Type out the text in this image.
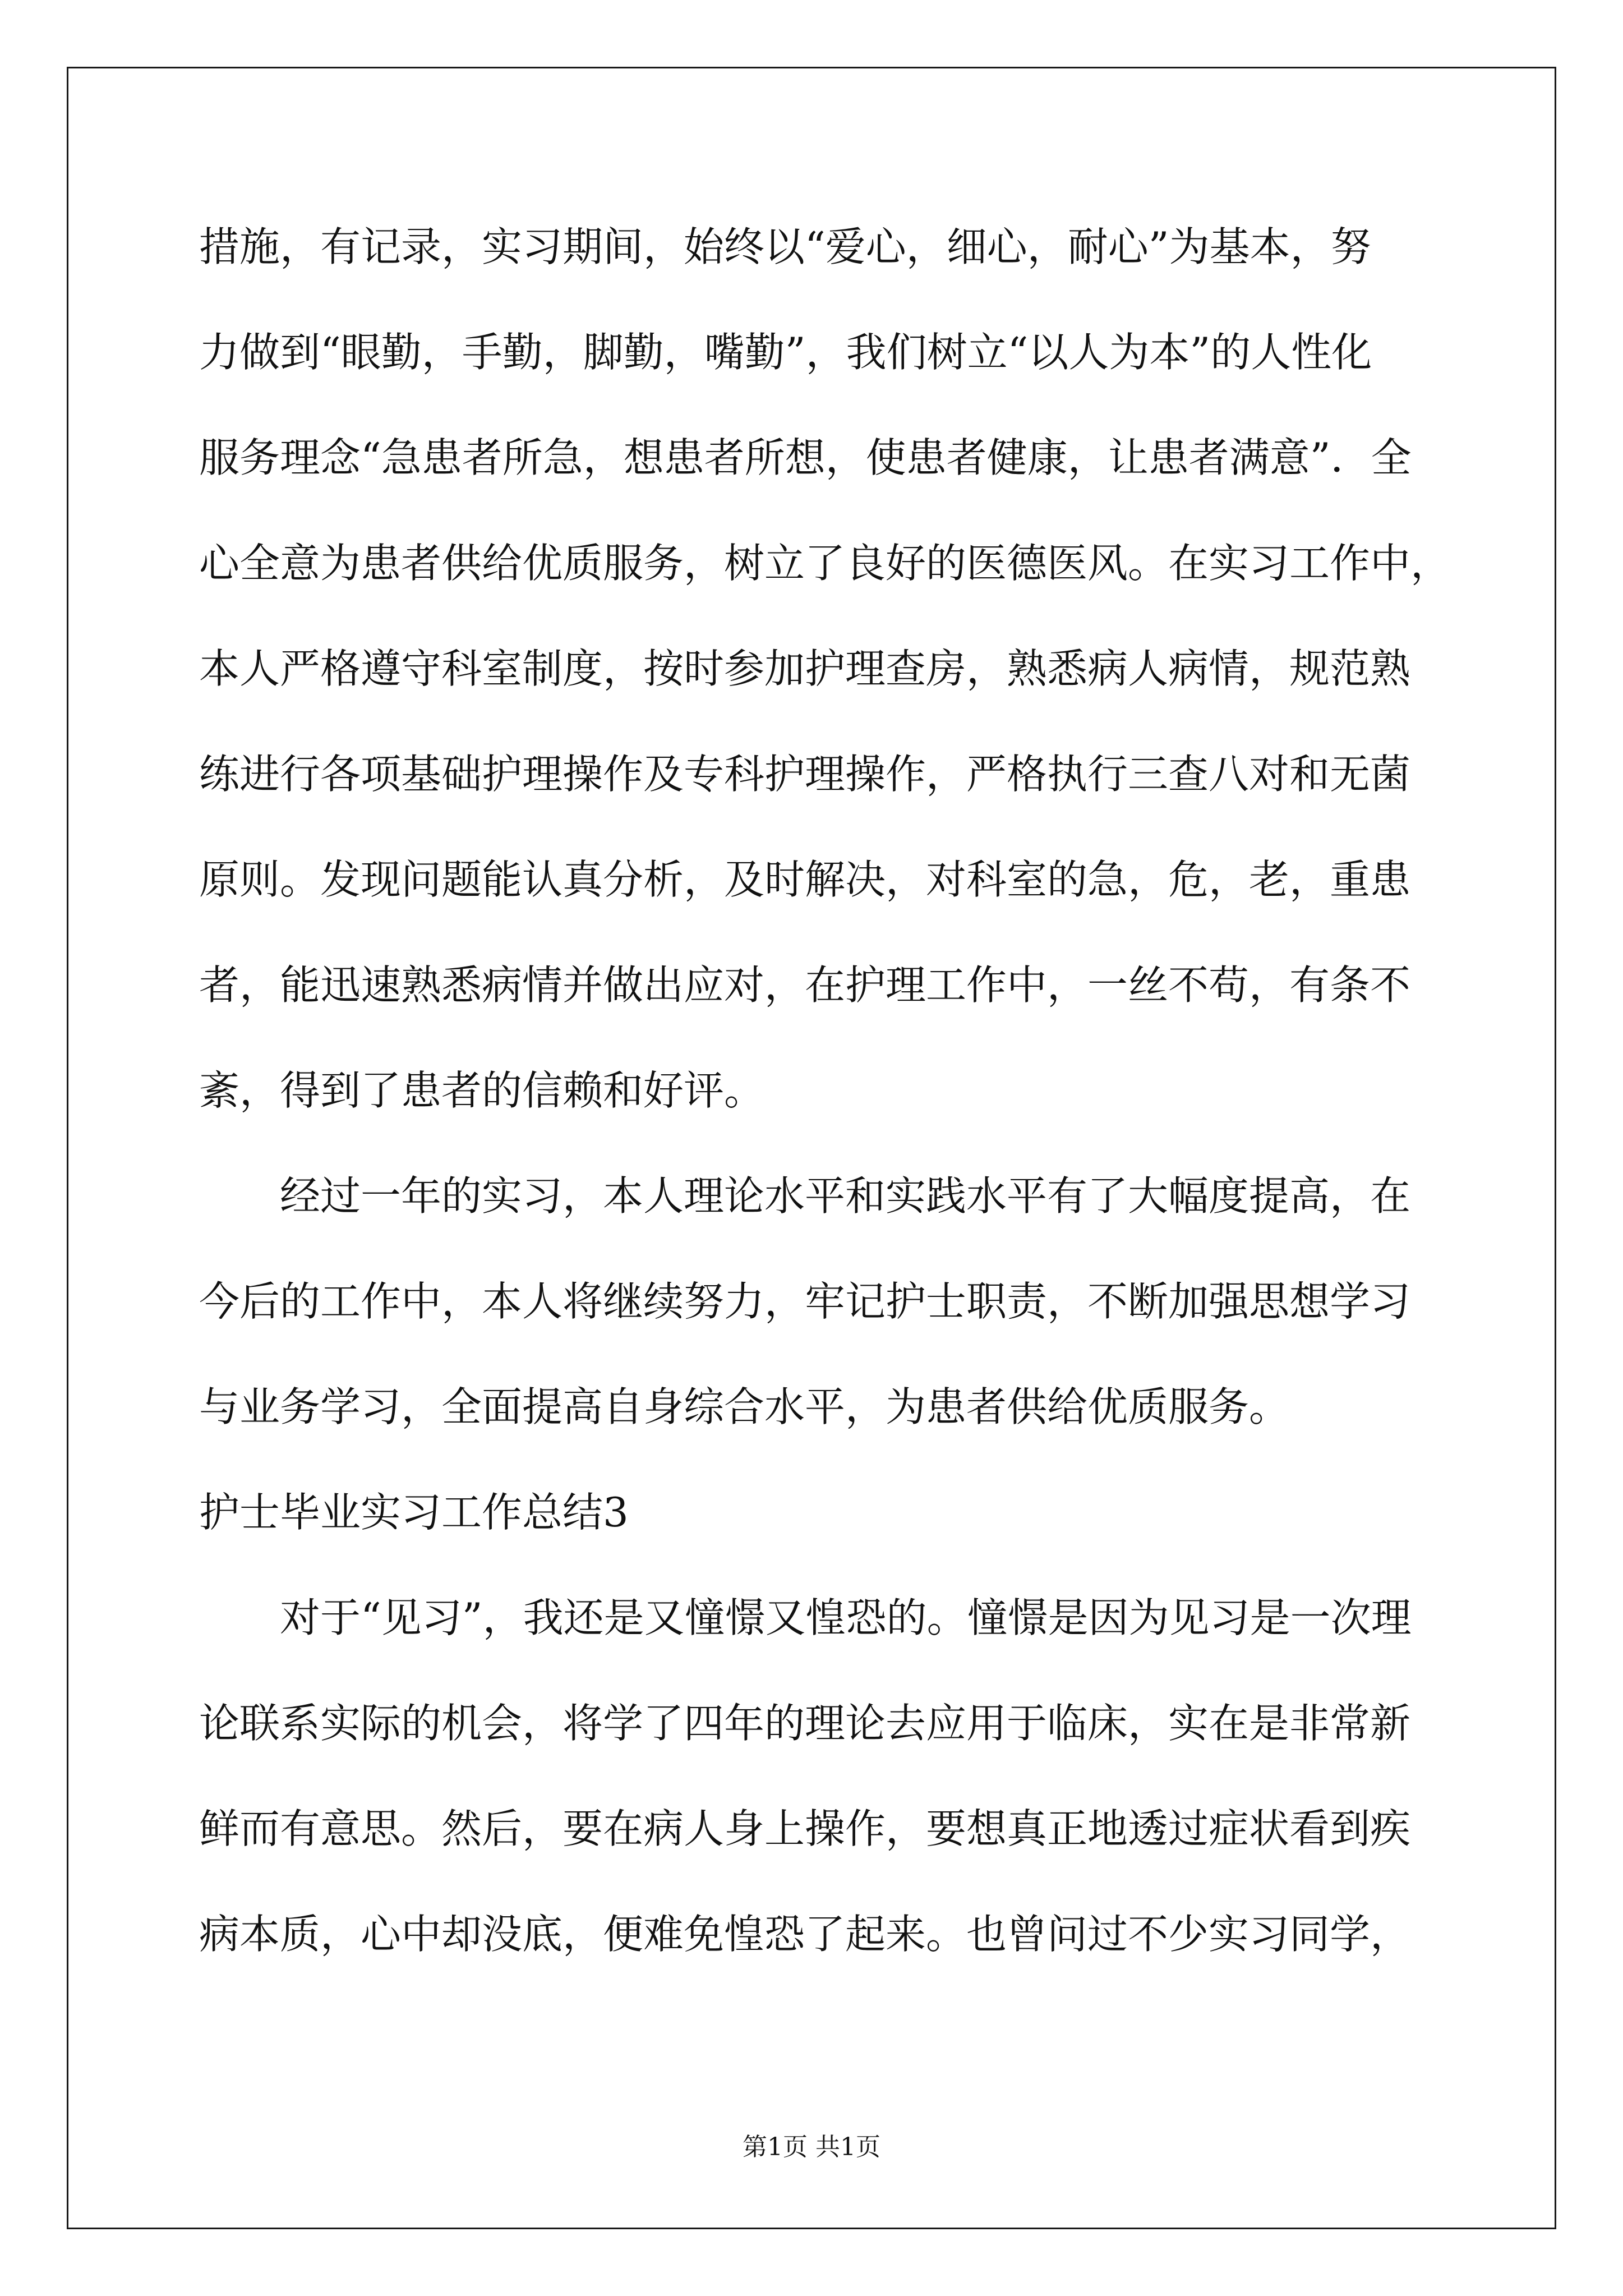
措施，有记录，实习期间，始终以“爱心，细心，耐心”为基本，努
力做到“眼勤，手勤，脚勤，嘴勤”，我们树立“以人为本”的人性化
服务理念“急患者所急，想患者所想，使患者健康，让患者满意”．全
心全意为患者供给优质服务，树立了良好的医德医风。在实习工作中，
本人严格遵守科室制度，按时参加护理查房，熟悉病人病情，规范熟
练进行各项基础护理操作及专科护理操作，严格执行三查八对和无菌
原则。发现问题能认真分析，及时解决，对科室的急，危，老，重患
者，能迅速熟悉病情并做出应对，在护理工作中，一丝不苟，有条不
紊，得到了患者的信赖和好评。
经过一年的实习，本人理论水平和实践水平有了大幅度提高，在
今后的工作中，本人将继续努力，牢记护士职责，不断加强思想学习
与业务学习，全面提高自身综合水平，为患者供给优质服务。
护士毕业实习工作总结3
对于“见习”，我还是又憧憬又惶恐的。憧憬是因为见习是一次理
论联系实际的机会，将学了四年的理论去应用于临床，实在是非常新
鲜而有意思。然后，要在病人身上操作，要想真正地透过症状看到疾
病本质，心中却没底，便难免惶恐了起来。也曾问过不少实习同学，
第1页 共1页
